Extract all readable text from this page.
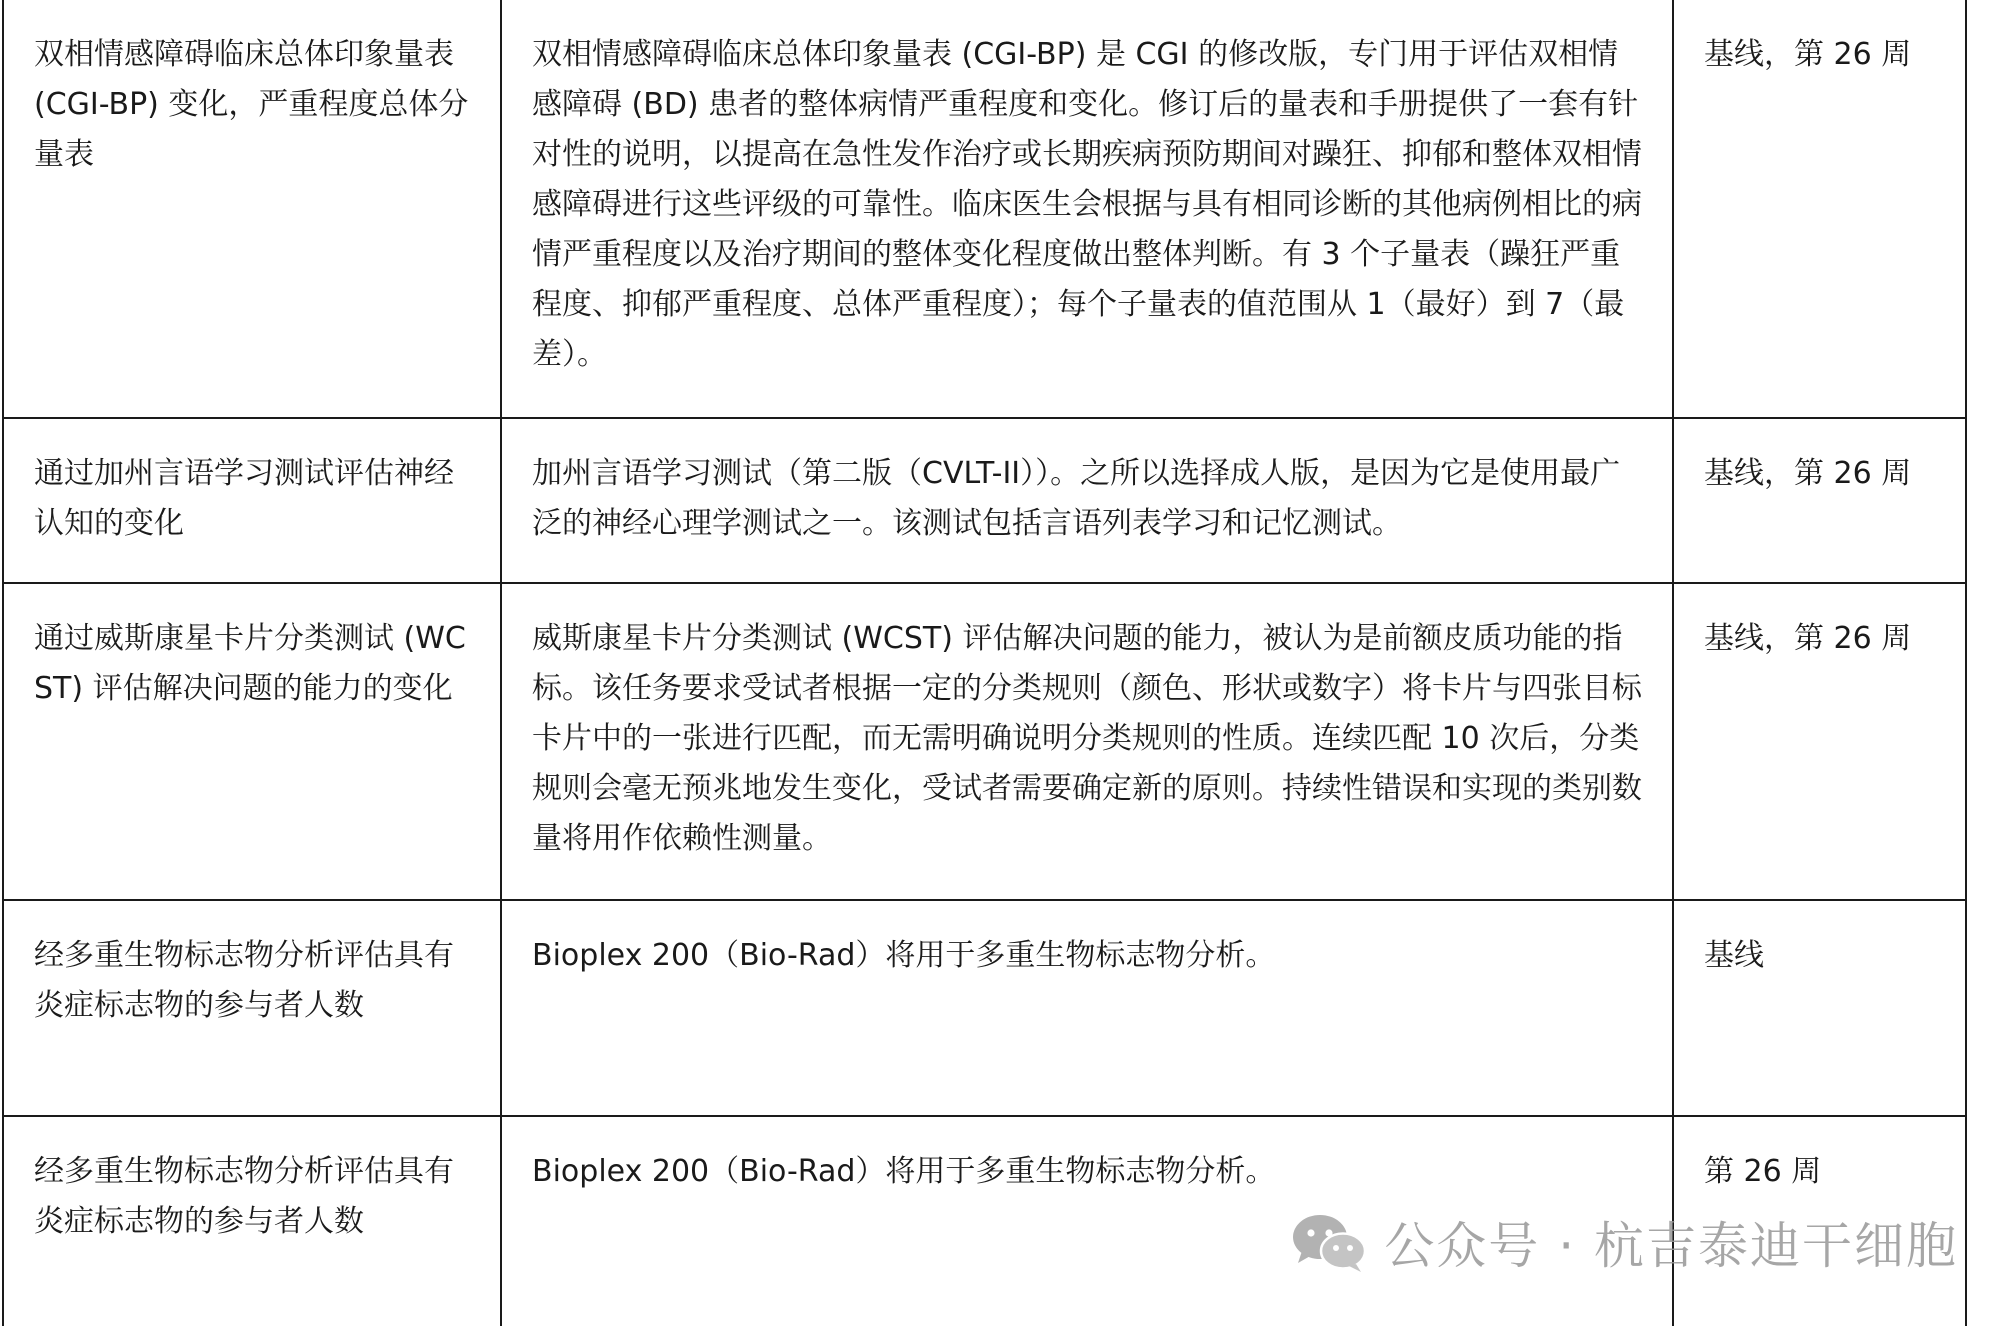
双相情感障碍临床总体印象量表 (CGI-BP) 变化，严重程度总体分量表	双相情感障碍临床总体印象量表 (CGI-BP) 是 CGI 的修改版，专门用于评估双相情感障碍 (BD) 患者的整体病情严重程度和变化。修订后的量表和手册提供了一套有针对性的说明，以提高在急性发作治疗或长期疾病预防期间对躁狂、抑郁和整体双相情感障碍进行这些评级的可靠性。临床医生会根据与具有相同诊断的其他病例相比的病情严重程度以及治疗期间的整体变化程度做出整体判断。有 3 个子量表（躁狂严重程度、抑郁严重程度、总体严重程度）；每个子量表的值范围从 1（最好）到 7（最差）。	基线，第 26 周
通过加州言语学习测试评估神经认知的变化	加州言语学习测试（第二版（CVLT-II））。之所以选择成人版，是因为它是使用最广泛的神经心理学测试之一。该测试包括言语列表学习和记忆测试。	基线，第 26 周
通过威斯康星卡片分类测试 (WCST) 评估解决问题的能力的变化	威斯康星卡片分类测试 (WCST) 评估解决问题的能力，被认为是前额皮质功能的指标。该任务要求受试者根据一定的分类规则（颜色、形状或数字）将卡片与四张目标卡片中的一张进行匹配，而无需明确说明分类规则的性质。连续匹配 10 次后，分类规则会毫无预兆地发生变化，受试者需要确定新的原则。持续性错误和实现的类别数量将用作依赖性测量。	基线，第 26 周
经多重生物标志物分析评估具有炎症标志物的参与者人数	Bioplex 200（Bio-Rad）将用于多重生物标志物分析。	基线
经多重生物标志物分析评估具有炎症标志物的参与者人数	Bioplex 200（Bio-Rad）将用于多重生物标志物分析。	第 26 周
公众号 · 杭吉泰迪干细胞
